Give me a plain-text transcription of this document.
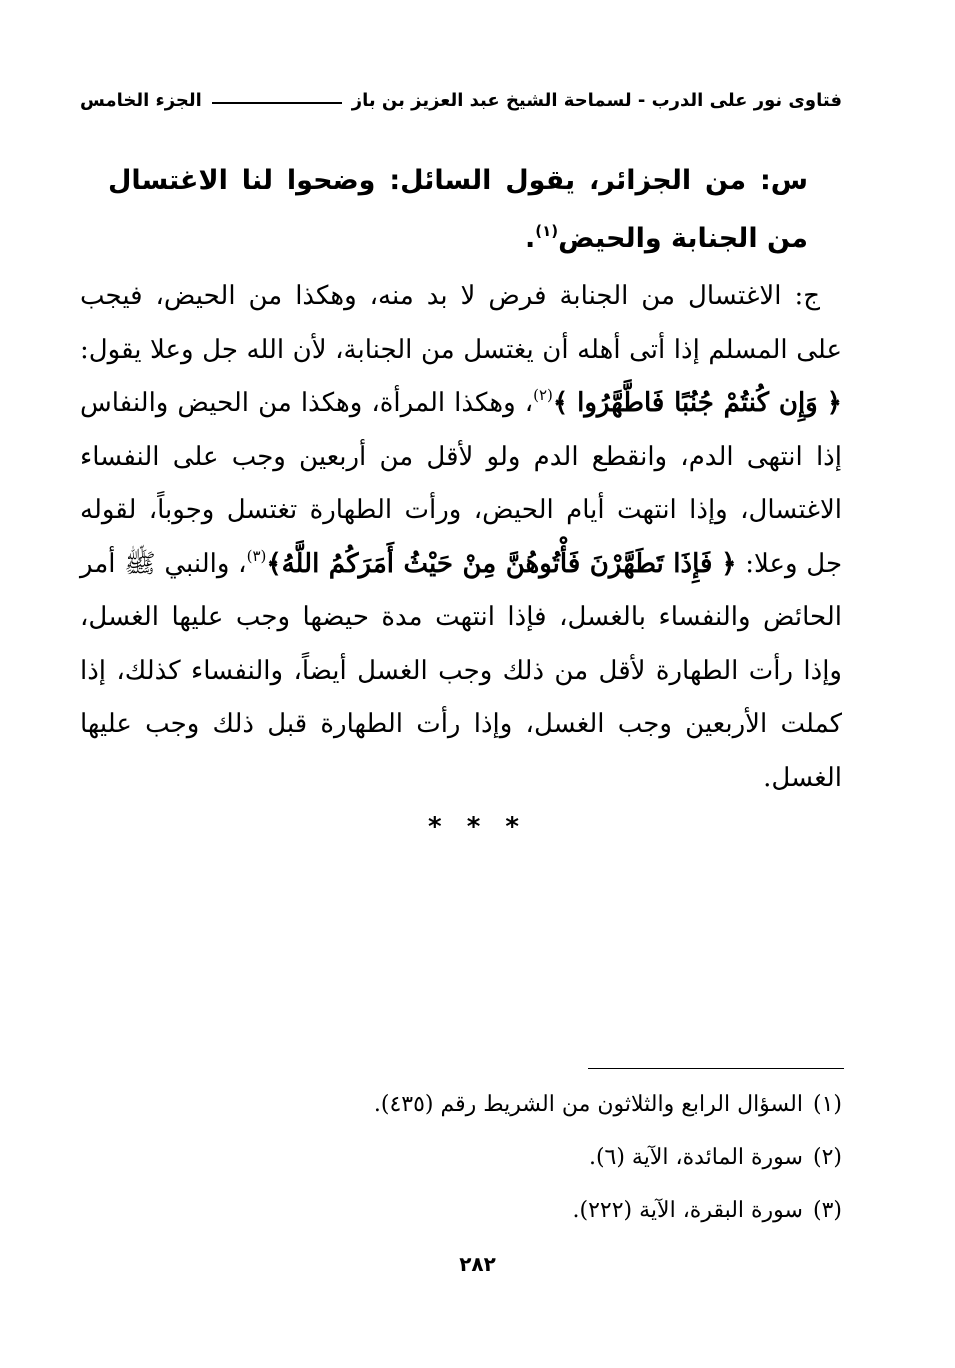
فتاوى نور على الدرب - لسماحة الشيخ عبد العزيز بن باز
الجزء الخامس
س: من الجزائر، يقول السائل: وضحوا لنا الاغتسال من الجنابة والحيض$^{(١)}$.
ج: الاغتسال من الجنابة فرض لا بد منه، وهكذا من الحيض، فيجب على المسلم إذا أتى أهله أن يغتسل من الجنابة، لأن الله جل وعلا يقول: ﴿ وَإِن كُنتُمْ جُنُبًا فَاطَّهَّرُوا ﴾$^{(٢)}$، وهكذا المرأة، وهكذا من الحيض والنفاس إذا انتهى الدم، وانقطع الدم ولو لأقل من أربعين وجب على النفساء الاغتسال، وإذا انتهت أيام الحيض، ورأت الطهارة تغتسل وجوباً، لقوله جل وعلا: ﴿ فَإِذَا تَطَهَّرْنَ فَأْتُوهُنَّ مِنْ حَيْثُ أَمَرَكُمُ اللَّهُ﴾$^{(٣)}$، والنبي ﷺ أمر الحائض والنفساء بالغسل، فإذا انتهت مدة حيضها وجب عليها الغسل، وإذا رأت الطهارة لأقل من ذلك وجب الغسل أيضاً، والنفساء كذلك، إذا كملت الأربعين وجب الغسل، وإذا رأت الطهارة قبل ذلك وجب عليها الغسل.
* * *
(١)السؤال الرابع والثلاثون من الشريط رقم (٤٣٥).
(٢)سورة المائدة، الآية (٦).
(٣)سورة البقرة، الآية (٢٢٢).
٢٨٢
